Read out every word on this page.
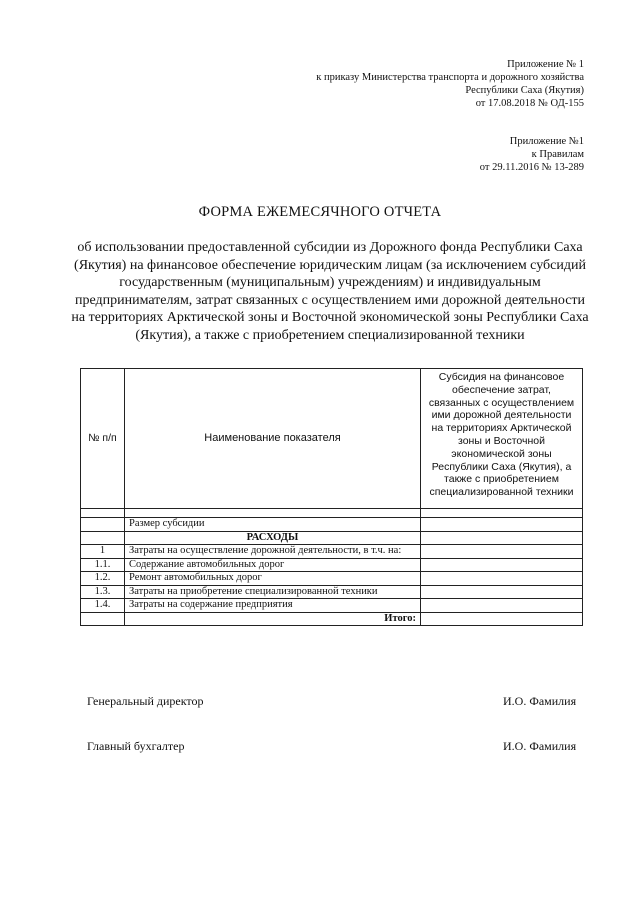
Приложение № 1
к приказу Министерства транспорта и дорожного хозяйства
Республики Саха (Якутия)
от 17.08.2018 № ОД-155
Приложение №1
к Правилам
от 29.11.2016 № 13-289
ФОРМА ЕЖЕМЕСЯЧНОГО ОТЧЕТА
об использовании предоставленной субсидии из Дорожного фонда Республики Саха (Якутия) на финансовое обеспечение юридическим лицам (за исключением субсидий государственным (муниципальным) учреждениям) и индивидуальным предпринимателям, затрат связанных с осуществлением ими дорожной деятельности на территориях Арктической зоны и Восточной экономической зоны Республики Саха (Якутия), а также с приобретением специализированной техники
№ п/п	Наименование показателя	Субсидия на финансовое обеспечение затрат, связанных с осуществлением ими дорожной деятельности на территориях Арктической зоны и Восточной экономической зоны Республики Саха (Якутия), а также с приобретением специализированной техники

	Размер субсидии	
	РАСХОДЫ	
1	Затраты на осуществление дорожной деятельности, в т.ч. на:	
1.1.	Содержание автомобильных дорог	
1.2.	Ремонт автомобильных дорог	
1.3.	Затраты на приобретение специализированной техники	
1.4.	Затраты на содержание предприятия	
	Итого:	
Генеральный директор	И.О. Фамилия
Главный бухгалтер	И.О. Фамилия
